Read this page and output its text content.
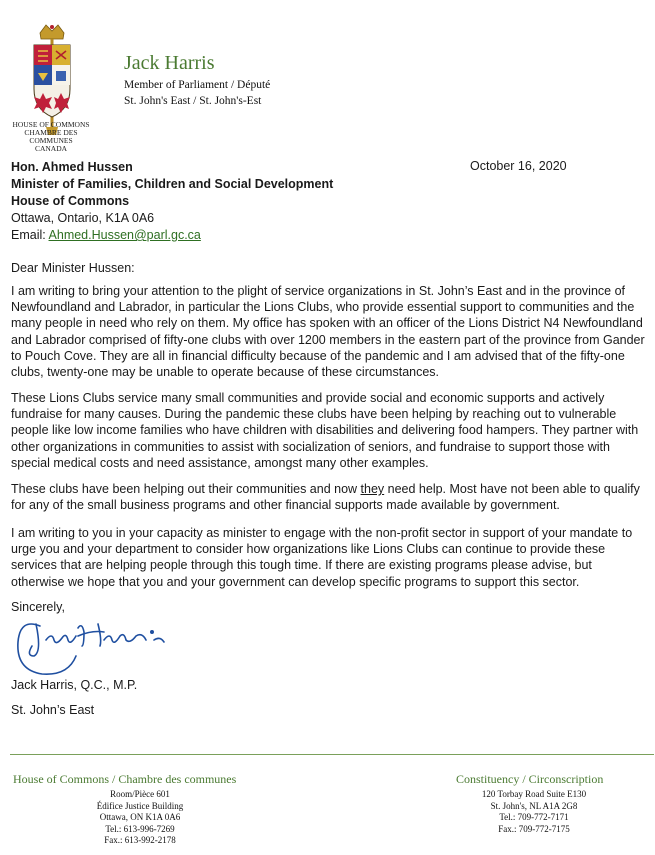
HOUSE OF COMMONS
CHAMBRE DES COMMUNES
CANADA
Jack Harris
Member of Parliament / Député
St. John's East / St. John's-Est
Hon. Ahmed Hussen
Minister of Families, Children and Social Development
House of Commons
Ottawa, Ontario, K1A 0A6
Email: Ahmed.Hussen@parl.gc.ca
October 16, 2020
Dear Minister Hussen:
I am writing to bring your attention to the plight of service organizations in St. John’s East and in the province of Newfoundland and Labrador, in particular the Lions Clubs, who provide essential support to communities and the many people in need who rely on them. My office has spoken with an officer of the Lions District N4 Newfoundland and Labrador comprised of fifty-one clubs with over 1200 members in the eastern part of the province from Gander to Pouch Cove. They are all in financial difficulty because of the pandemic and I am advised that of the fifty-one clubs, twenty-one may be unable to operate because of these circumstances.
These Lions Clubs service many small communities and provide social and economic supports and actively fundraise for many causes. During the pandemic these clubs have been helping by reaching out to vulnerable people like low income families who have children with disabilities and delivering food hampers. They partner with other organizations in communities to assist with socialization of seniors, and fundraise to support those with special medical costs and need assistance, amongst many other examples.
These clubs have been helping out their communities and now they need help. Most have not been able to qualify for any of the small business programs and other financial supports made available by government.
I am writing to you in your capacity as minister to engage with the non-profit sector in support of your mandate to urge you and your department to consider how organizations like Lions Clubs can continue to provide these services that are helping people through this tough time. If there are existing programs please advise, but otherwise we hope that you and your government can develop specific programs to support this sector.
Sincerely,
Jack Harris, Q.C., M.P.
St. John’s East
House of Commons / Chambre des communes
Room/Pièce 601
Édifice Justice Building
Ottawa, ON K1A 0A6
Tel.: 613-996-7269
Fax.: 613-992-2178
Constituency / Circonscription
120 Torbay Road Suite E130
St. John's, NL A1A 2G8
Tel.: 709-772-7171
Fax.: 709-772-7175
